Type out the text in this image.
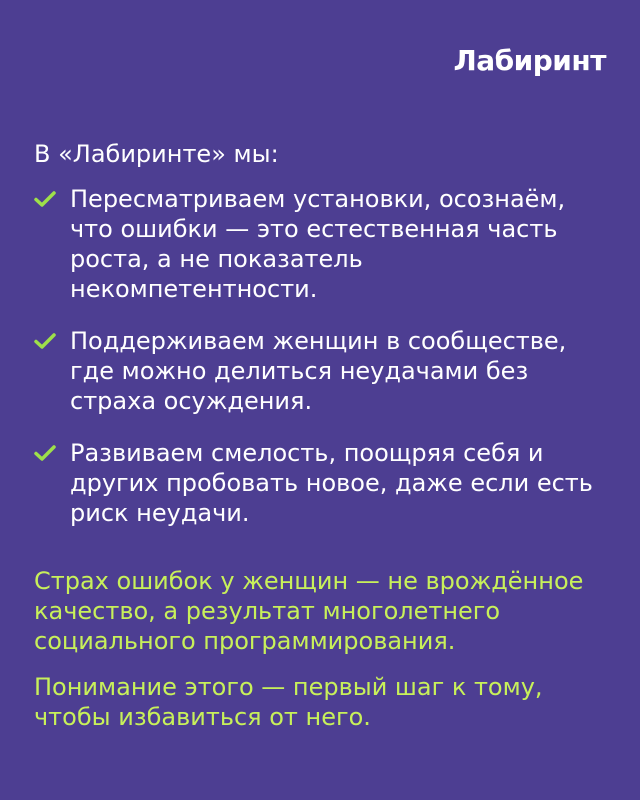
Лабиринт

В «Лабиринте» мы:

Пересматриваем установки, осознаём, что ошибки — это естественная часть роста, а не показатель некомпетентности.
Поддерживаем женщин в сообществе, где можно делиться неудачами без страха осуждения.
Развиваем смелость, поощряя себя и других пробовать новое, даже если есть риск неудачи.

Страх ошибок у женщин — не врождённое качество, а результат многолетнего социального программирования.

Понимание этого — первый шаг к тому, чтобы избавиться от него.
